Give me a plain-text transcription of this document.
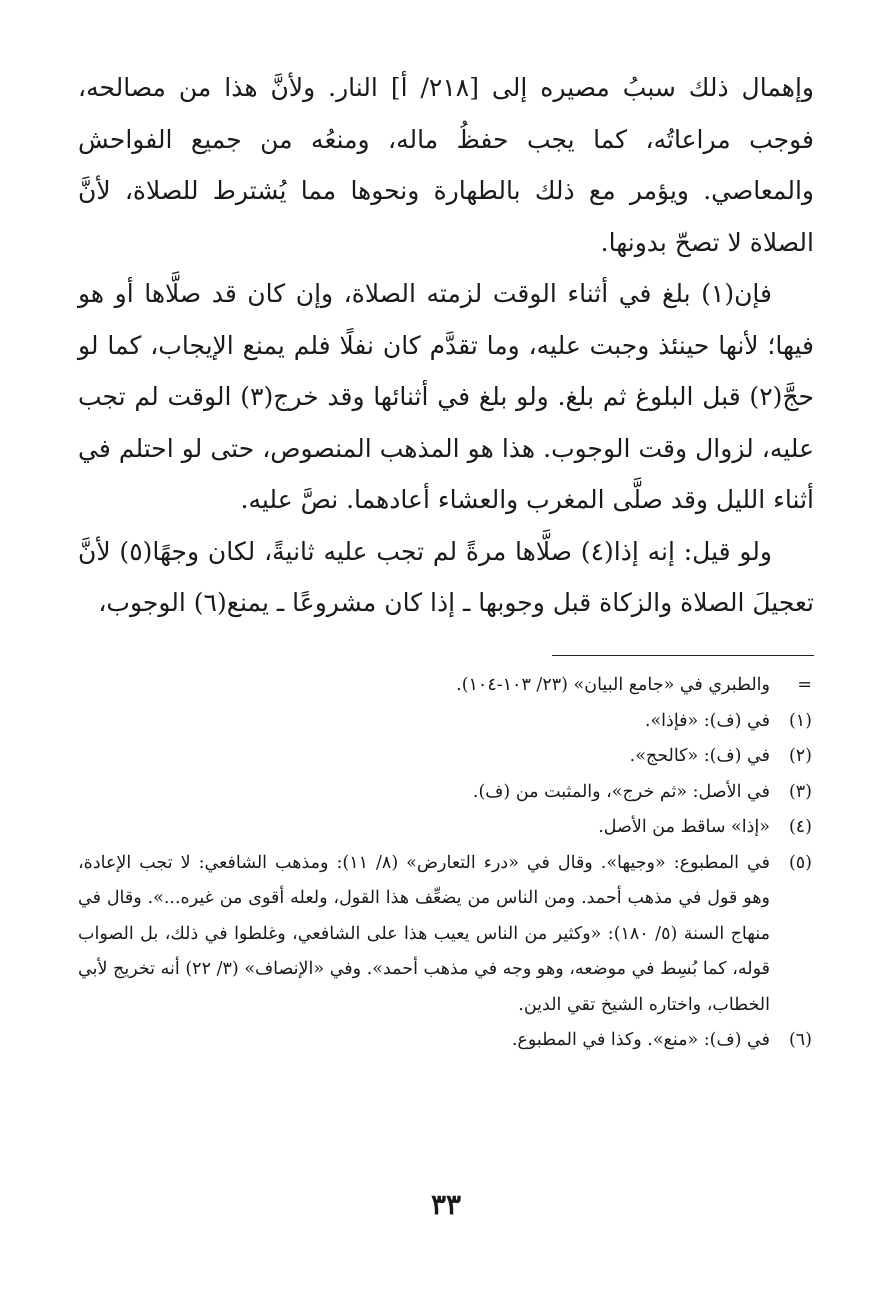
وإهمال ذلك سببُ مصيره إلى [٢١٨/ أ] النار. ولأنَّ هذا من مصالحه، فوجب مراعاتُه، كما يجب حفظُ ماله، ومنعُه من جميع الفواحش والمعاصي. ويؤمر مع ذلك بالطهارة ونحوها مما يُشترط للصلاة، لأنَّ الصلاة لا تصحّ بدونها.

فإن(١) بلغ في أثناء الوقت لزمته الصلاة، وإن كان قد صلَّاها أو هو فيها؛ لأنها حينئذ وجبت عليه، وما تقدَّم كان نفلًا فلم يمنع الإيجاب، كما لو حجَّ(٢) قبل البلوغ ثم بلغ. ولو بلغ في أثنائها وقد خرج(٣) الوقت لم تجب عليه، لزوال وقت الوجوب. هذا هو المذهب المنصوص، حتى لو احتلم في أثناء الليل وقد صلَّى المغرب والعشاء أعادهما. نصَّ عليه.

ولو قيل: إنه إذا(٤) صلَّاها مرةً لم تجب عليه ثانيةً، لكان وجهًا(٥) لأنَّ تعجيلَ الصلاة والزكاة قبل وجوبها ـ إذا كان مشروعًا ـ يمنع(٦) الوجوب،

=
والطبري في «جامع البيان» (٢٣/ ١٠٣-١٠٤).
(١)
في (ف): «فإذا».
(٢)
في (ف): «كالحج».
(٣)
في الأصل: «ثم خرج»، والمثبت من (ف).
(٤)
«إذا» ساقط من الأصل.
(٥)
في المطبوع: «وجيها». وقال في «درء التعارض» (٨/ ١١): ومذهب الشافعي: لا تجب الإعادة، وهو قول في مذهب أحمد. ومن الناس من يضعِّف هذا القول، ولعله أقوى من غيره...». وقال في منهاج السنة (٥/ ١٨٠): «وكثير من الناس يعيب هذا على الشافعي، وغلطوا في ذلك، بل الصواب قوله، كما بُسِط في موضعه، وهو وجه في مذهب أحمد». وفي «الإنصاف» (٣/ ٢٢) أنه تخريج لأبي الخطاب، واختاره الشيخ تقي الدين.
(٦)
في (ف): «منع». وكذا في المطبوع.
٣٣
